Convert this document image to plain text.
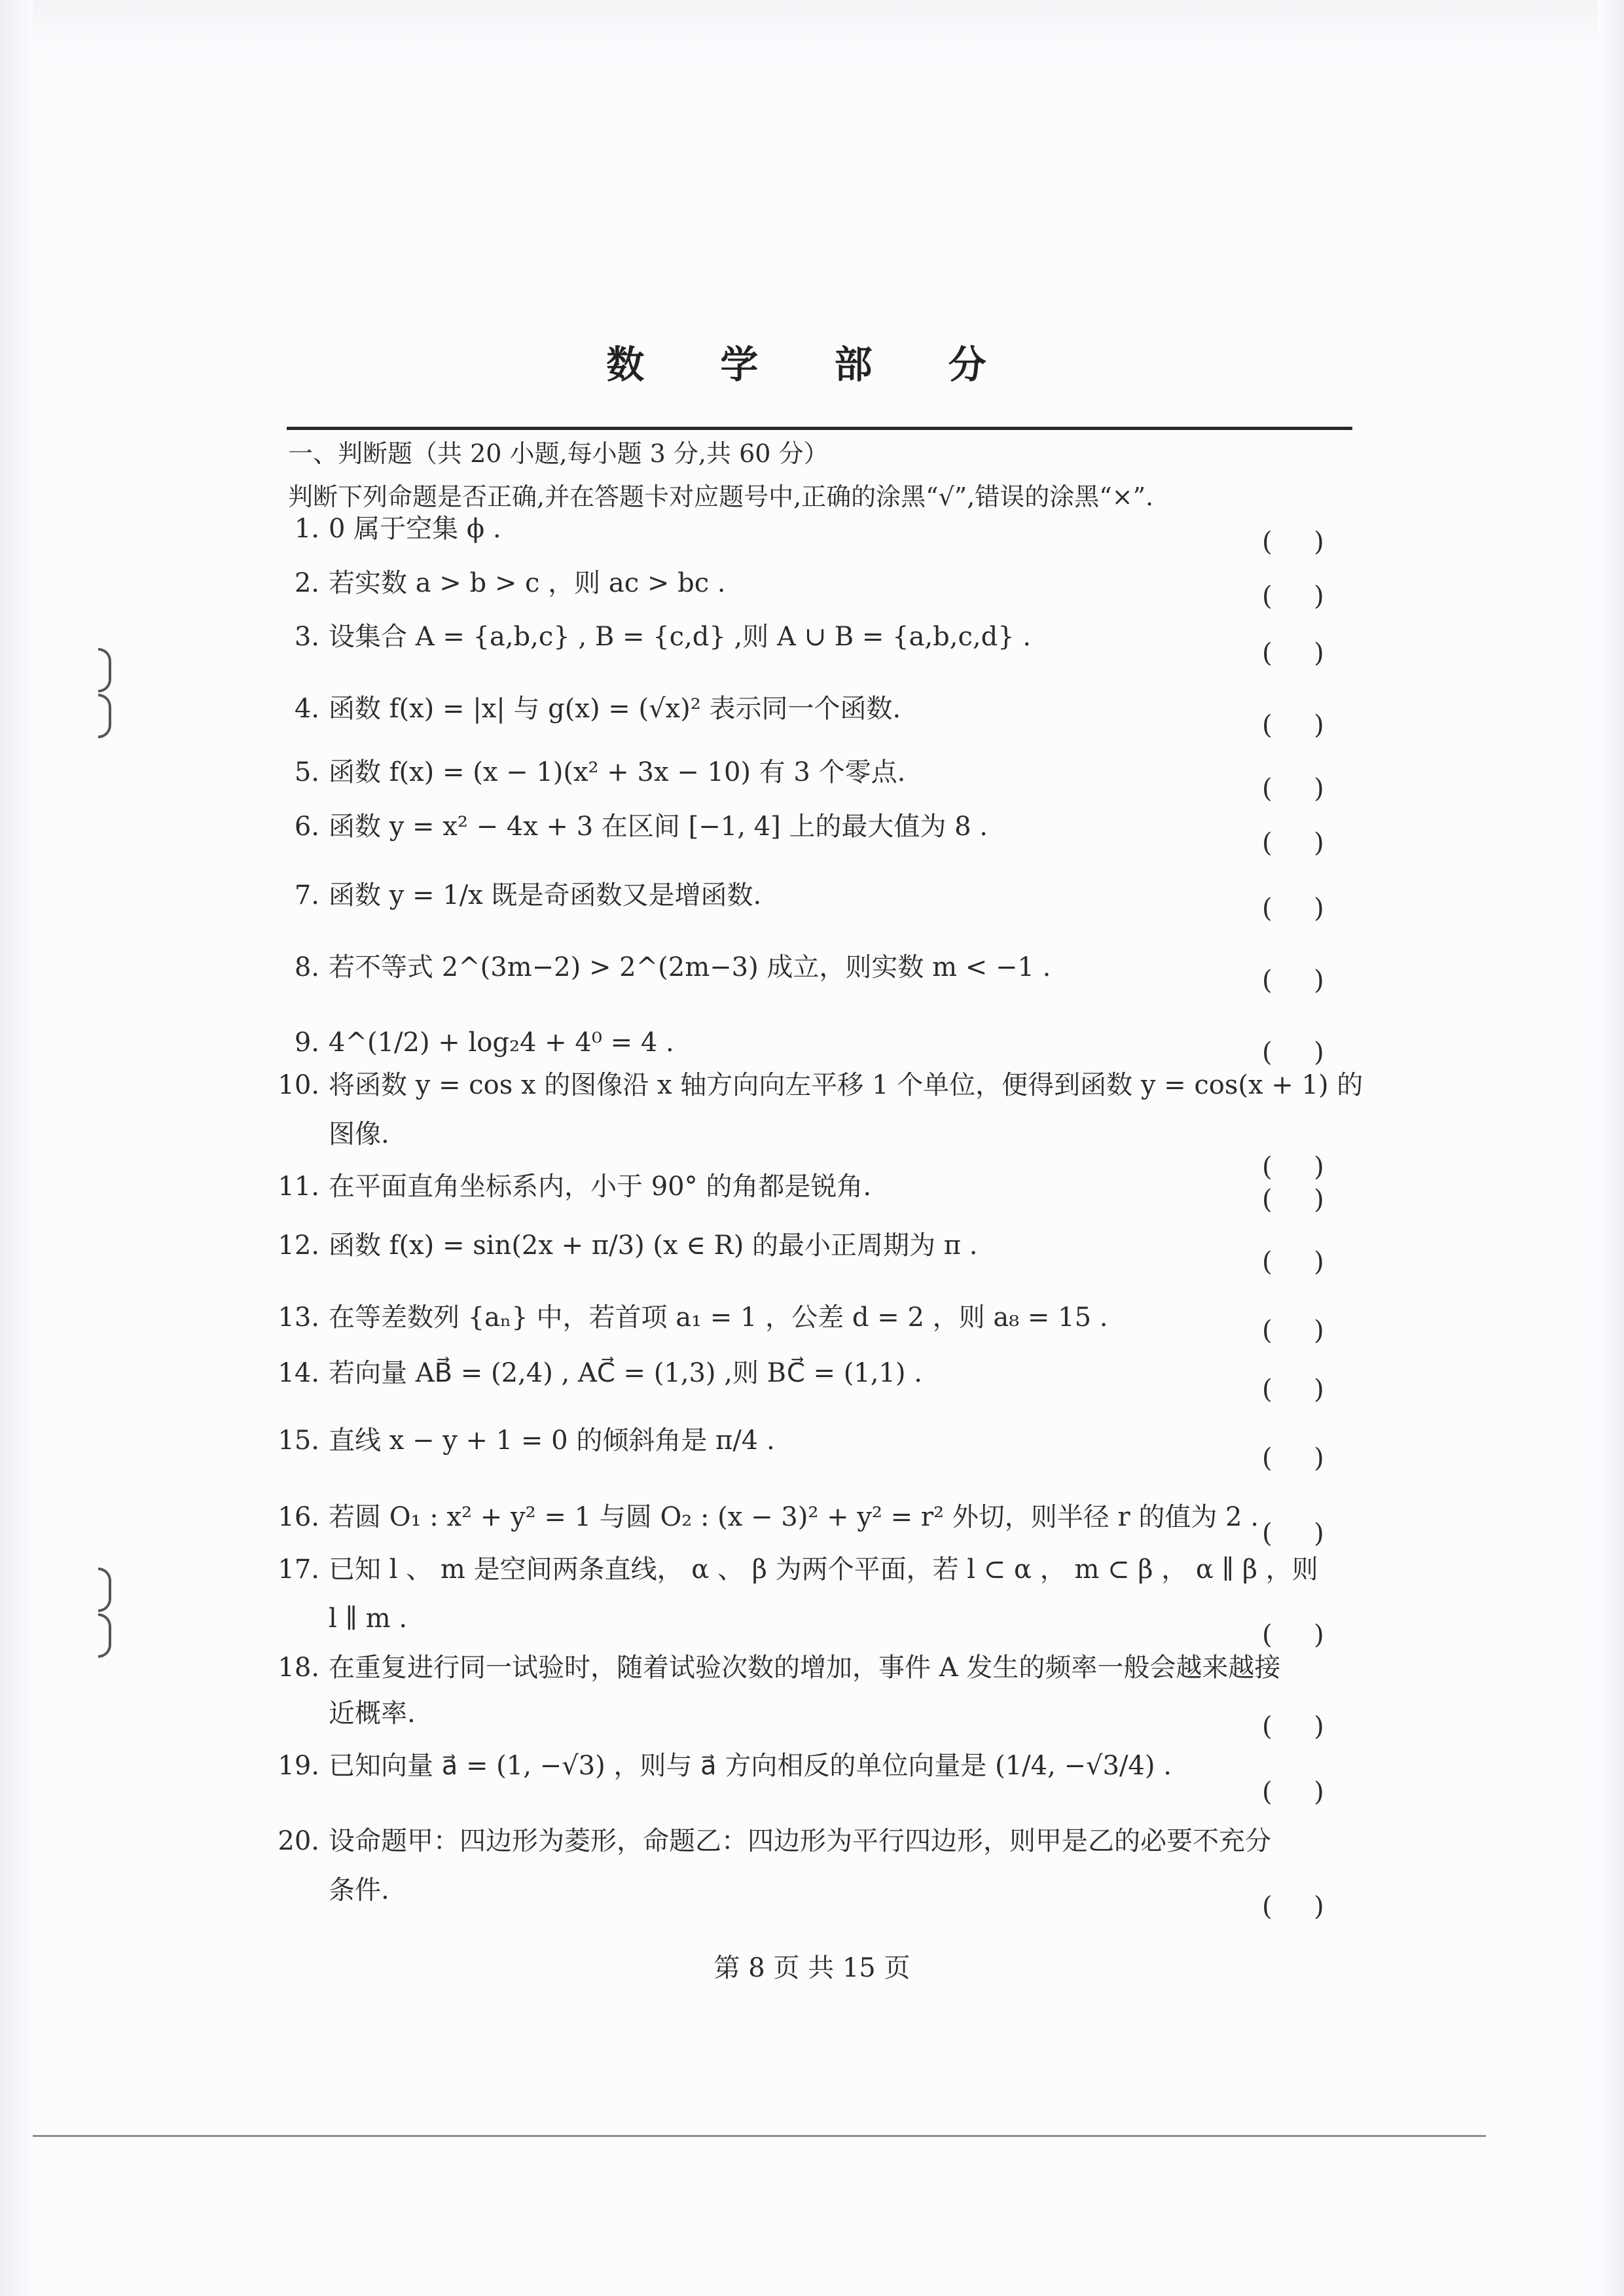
数 学 部 分
一、判断题（共 20 小题,每小题 3 分,共 60 分）
判断下列命题是否正确,并在答题卡对应题号中,正确的涂黑“√”,错误的涂黑“×”.
1. 0 属于空集 ϕ .	(     )
2. 若实数 a > b > c ，则 ac > bc .	(     )
3. 设集合 A = {a,b,c} , B = {c,d} ,则 A ∪ B = {a,b,c,d} .
(     )
4. 函数 f(x) = |x| 与 g(x) = (√x)² 表示同一个函数.
(     )
5. 函数 f(x) = (x − 1)(x² + 3x − 10) 有 3 个零点.
(     )
6. 函数 y = x² − 4x + 3 在区间 [−1, 4] 上的最大值为 8 .
(     )
7. 函数 y = 1/x 既是奇函数又是增函数.	(     )
8. 若不等式 2^(3m−2) > 2^(2m−3) 成立，则实数 m < −1 .	(     )
9. 4^(1/2) + log₂4 + 4⁰ = 4 .	(     )
10. 将函数 y = cos x 的图像沿 x 轴方向向左平移 1 个单位，便得到函数 y = cos(x + 1) 的
图像.
(     )
11. 在平面直角坐标系内，小于 90° 的角都是锐角.	(     )
12. 函数 f(x) = sin(2x + π/3) (x ∈ R) 的最小正周期为 π .
(     )
13. 在等差数列 {aₙ} 中，若首项 a₁ = 1 ，公差 d = 2 ，则 a₈ = 15 .	(     )
14. 若向量 AB⃗ = (2,4) , AC⃗ = (1,3) ,则 BC⃗ = (1,1) .
(     )
15. 直线 x − y + 1 = 0 的倾斜角是 π/4 .
(     )
16. 若圆 O₁ : x² + y² = 1 与圆 O₂ : (x − 3)² + y² = r² 外切，则半径 r 的值为 2 .
(     )
17. 已知 l 、 m 是空间两条直线， α 、 β 为两个平面，若 l ⊂ α ， m ⊂ β ， α ∥ β ，则
l ∥ m .
(     )
18. 在重复进行同一试验时，随着试验次数的增加，事件 A 发生的频率一般会越来越接
近概率.	(     )
19. 已知向量 a⃗ = (1, −√3) ，则与 a⃗ 方向相反的单位向量是 (1/4, −√3/4) .
(     )
20. 设命题甲：四边形为菱形，命题乙：四边形为平行四边形，则甲是乙的必要不充分
条件.
(     )
第 8 页 共 15 页
